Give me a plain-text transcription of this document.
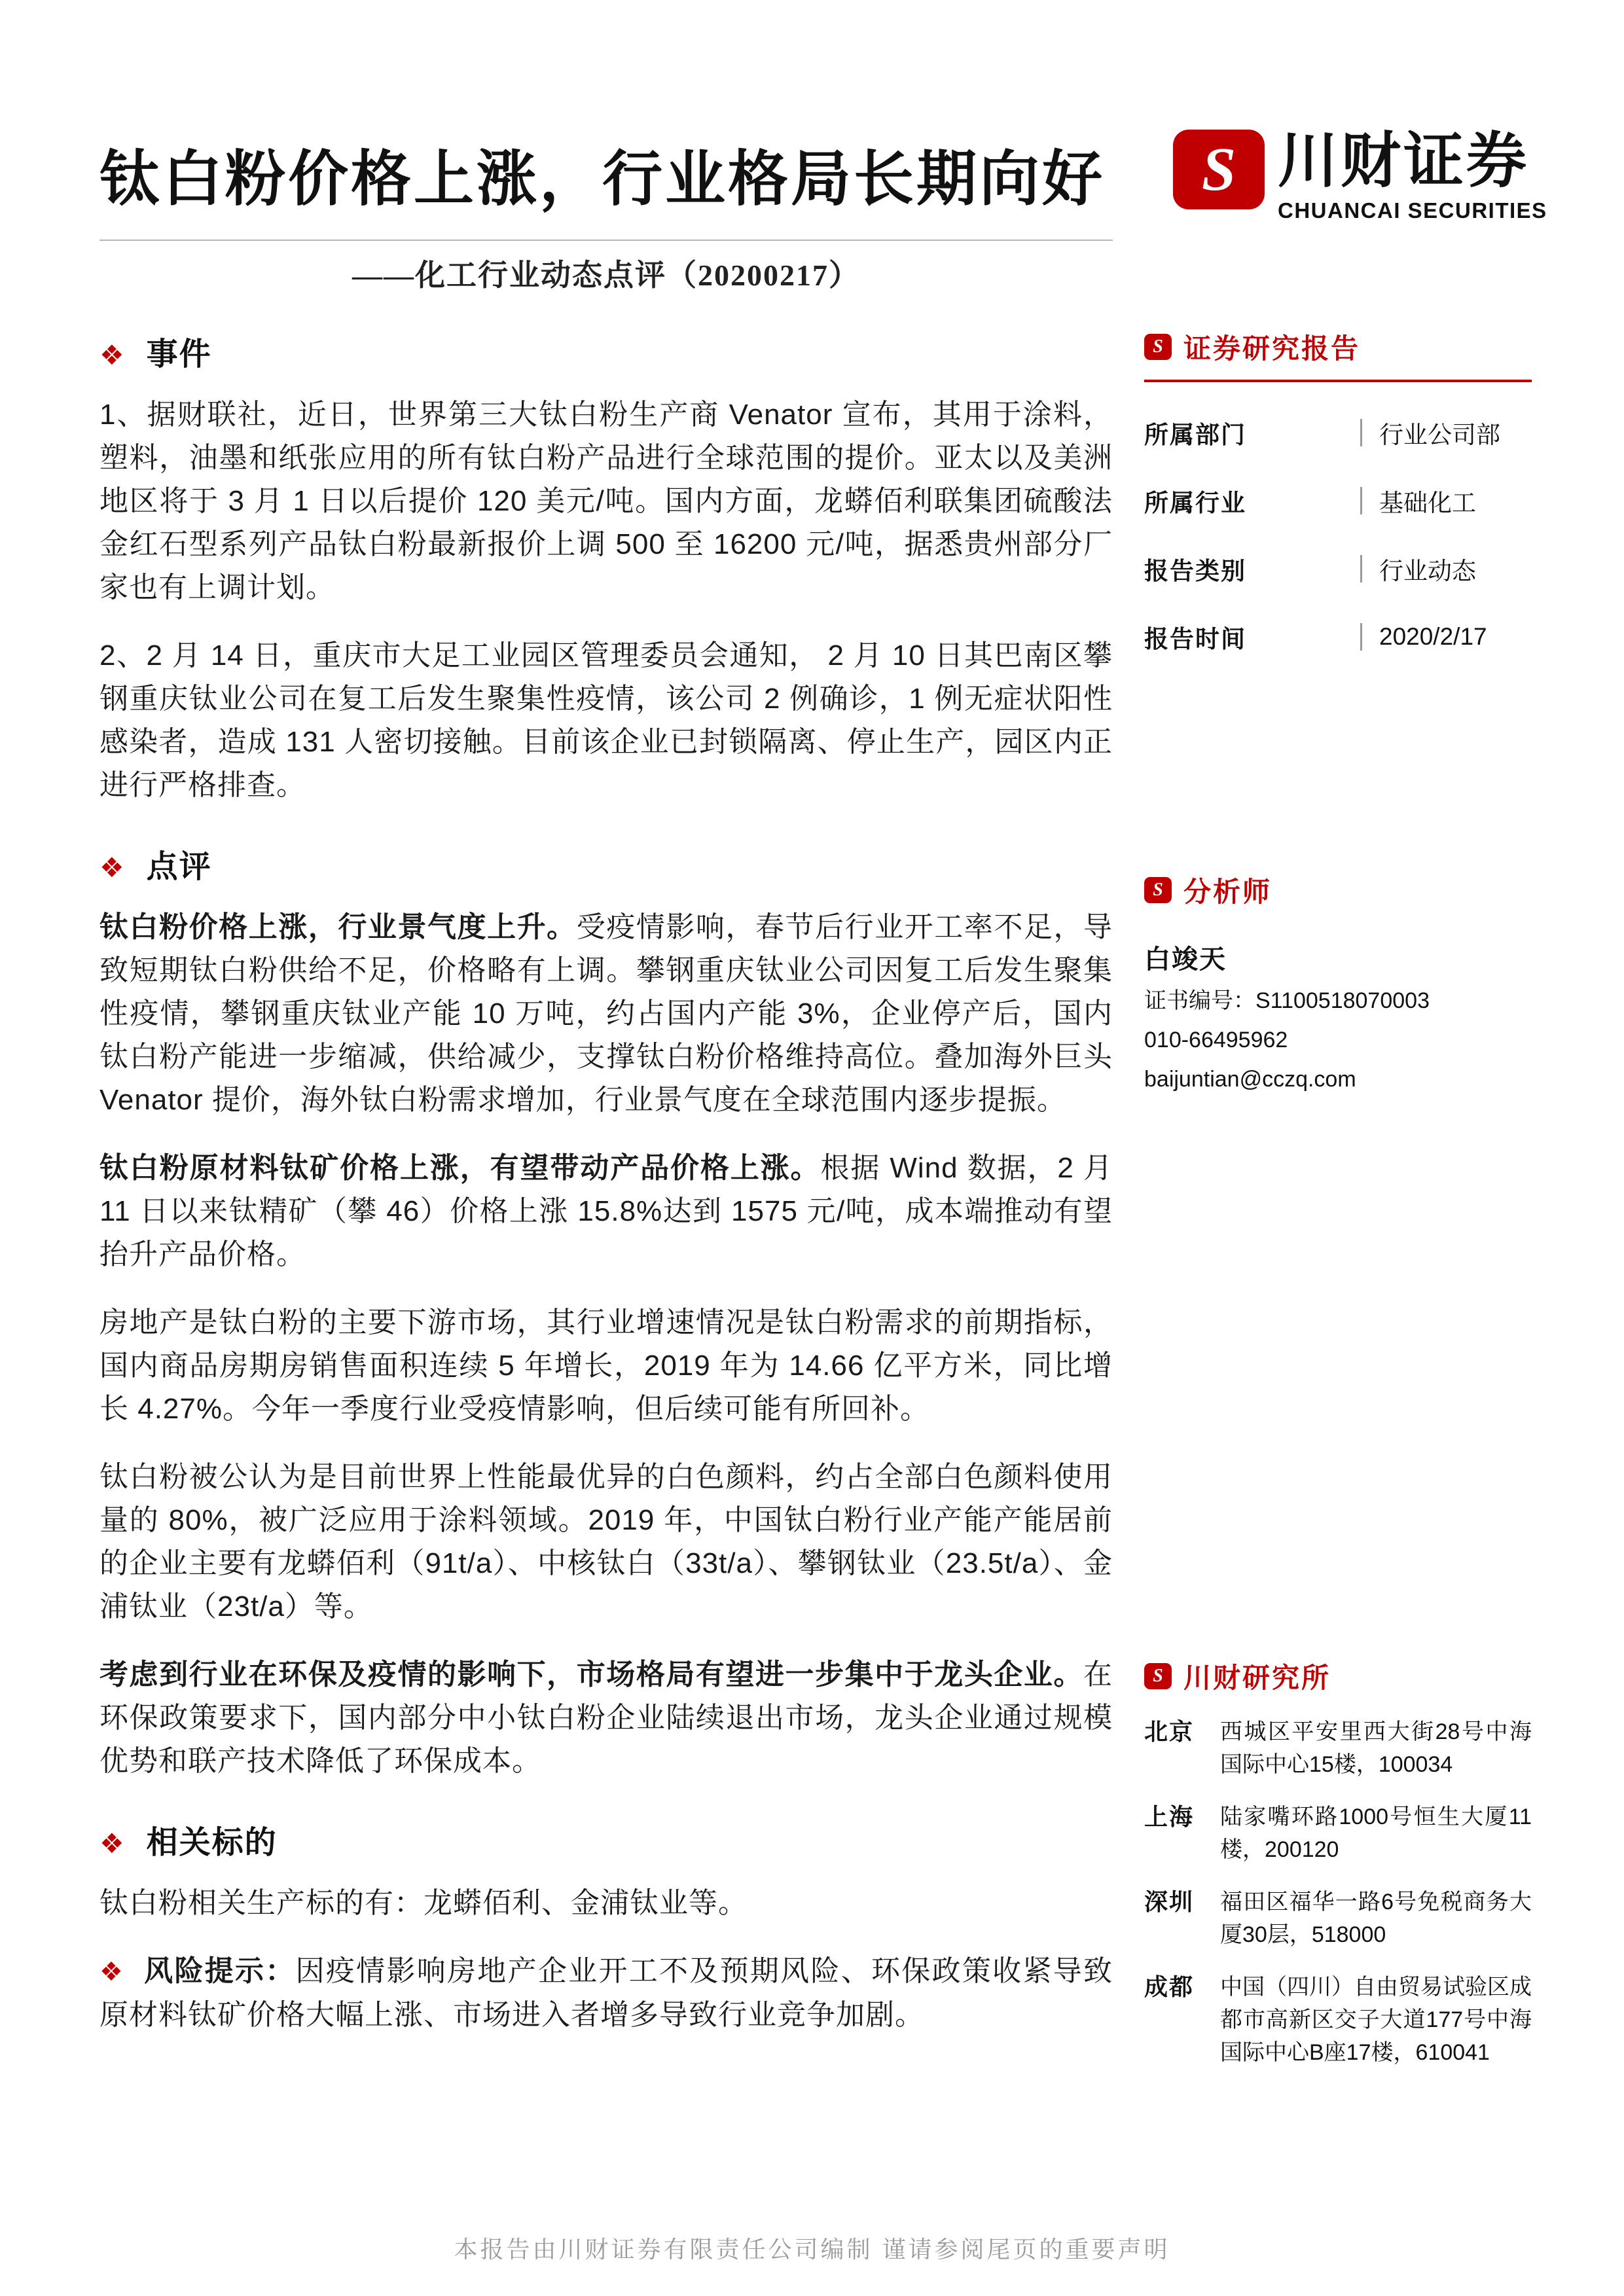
S 川财证券
CHUANCAI SECURITIES
钛白粉价格上涨，行业格局长期向好
——化工行业动态点评（20200217）
❖ 事件

1、据财联社，近日，世界第三大钛白粉生产商 Venator 宣布，其用于涂料，塑料，油墨和纸张应用的所有钛白粉产品进行全球范围的提价。亚太以及美洲地区将于 3 月 1 日以后提价 120 美元/吨。国内方面，龙蟒佰利联集团硫酸法金红石型系列产品钛白粉最新报价上调 500 至 16200 元/吨，据悉贵州部分厂家也有上调计划。

2、2 月 14 日，重庆市大足工业园区管理委员会通知， 2 月 10 日其巴南区攀钢重庆钛业公司在复工后发生聚集性疫情，该公司 2 例确诊，1 例无症状阳性感染者，造成 131 人密切接触。目前该企业已封锁隔离、停止生产，园区内正进行严格排查。

❖ 点评

钛白粉价格上涨，行业景气度上升。受疫情影响，春节后行业开工率不足，导致短期钛白粉供给不足，价格略有上调。攀钢重庆钛业公司因复工后发生聚集性疫情，攀钢重庆钛业产能 10 万吨，约占国内产能 3%，企业停产后，国内钛白粉产能进一步缩减，供给减少，支撑钛白粉价格维持高位。叠加海外巨头 Venator 提价，海外钛白粉需求增加，行业景气度在全球范围内逐步提振。

钛白粉原材料钛矿价格上涨，有望带动产品价格上涨。根据 Wind 数据，2 月 11 日以来钛精矿（攀 46）价格上涨 15.8%达到 1575 元/吨，成本端推动有望抬升产品价格。

房地产是钛白粉的主要下游市场，其行业增速情况是钛白粉需求的前期指标，国内商品房期房销售面积连续 5 年增长，2019 年为 14.66 亿平方米，同比增长 4.27%。今年一季度行业受疫情影响，但后续可能有所回补。

钛白粉被公认为是目前世界上性能最优异的白色颜料，约占全部白色颜料使用量的 80%，被广泛应用于涂料领域。2019 年，中国钛白粉行业产能产能居前的企业主要有龙蟒佰利（91t/a）、中核钛白（33t/a）、攀钢钛业（23.5t/a）、金浦钛业（23t/a）等。

考虑到行业在环保及疫情的影响下，市场格局有望进一步集中于龙头企业。在环保政策要求下，国内部分中小钛白粉企业陆续退出市场，龙头企业通过规模优势和联产技术降低了环保成本。

❖ 相关标的

钛白粉相关生产标的有：龙蟒佰利、金浦钛业等。

❖ 风险提示：因疫情影响房地产企业开工不及预期风险、环保政策收紧导致原材料钛矿价格大幅上涨、市场进入者增多导致行业竞争加剧。

S 证券研究报告
所属部门	行业公司部
所属行业	基础化工
报告类别	行业动态
报告时间	2020/2/17
S 分析师
白竣天
证书编号：S1100518070003
010-66495962
baijuntian@cczq.com
S 川财研究所
北京	西城区平安里西大街28号中海国际中心15楼，100034
上海	陆家嘴环路1000号恒生大厦11楼，200120
深圳	福田区福华一路6号免税商务大厦30层，518000
成都	中国（四川）自由贸易试验区成都市高新区交子大道177号中海国际中心B座17楼，610041
本报告由川财证券有限责任公司编制 谨请参阅尾页的重要声明
